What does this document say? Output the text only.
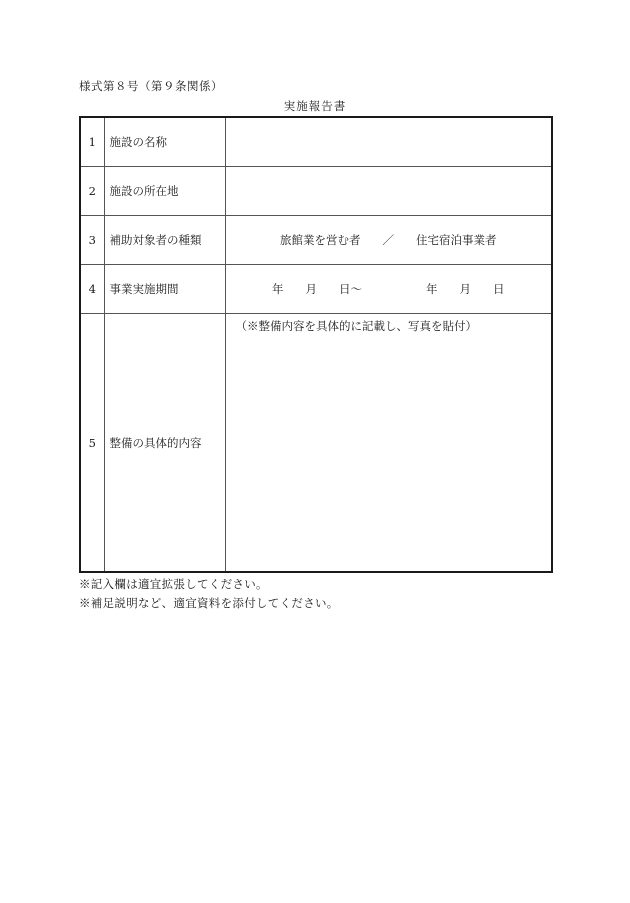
様式第８号（第９条関係）
実施報告書
1	施設の名称	
2	施設の所在地	
3	補助対象者の種類	旅館業を営む者 ／ 住宅宿泊事業者
4	事業実施期間	年 月 日～ 年 月 日
5	整備の具体的内容	（※整備内容を具体的に記載し、写真を貼付）
※記入欄は適宜拡張してください。
※補足説明など、適宜資料を添付してください。
